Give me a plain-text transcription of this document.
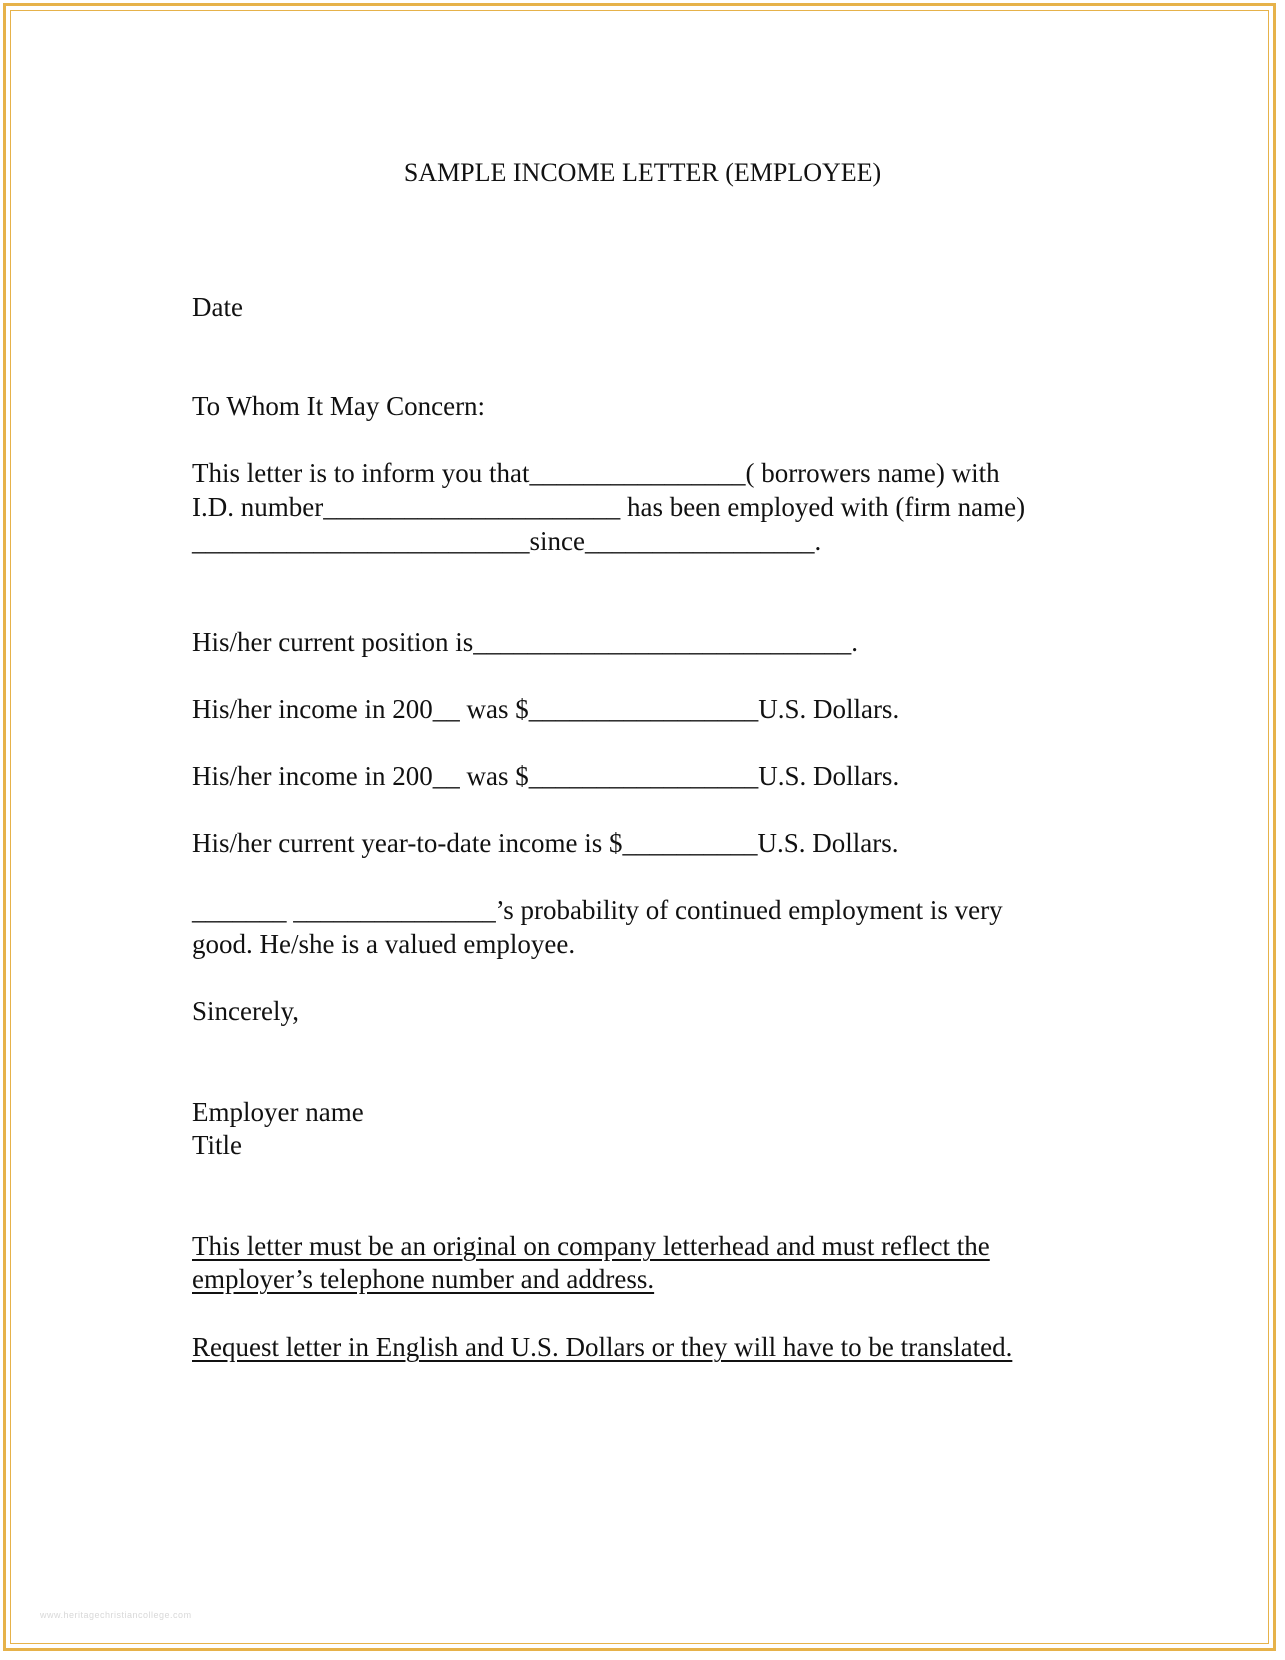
SAMPLE INCOME LETTER (EMPLOYEE)
Date
To Whom It May Concern:
This letter is to inform you that________________( borrowers name) with
I.D. number______________________ has been employed with (firm name)
_________________________since_________________.
His/her current position is____________________________.
His/her income in 200__ was $_________________U.S. Dollars.
His/her income in 200__ was $_________________U.S. Dollars.
His/her current year-to-date income is $__________U.S. Dollars.
_______ _______________’s probability of continued employment is very
good. He/she is a valued employee.
Sincerely,
Employer name
Title
This letter must be an original on company letterhead and must reflect the
employer’s telephone number and address.
Request letter in English and U.S. Dollars or they will have to be translated.
www.heritagechristiancollege.com
